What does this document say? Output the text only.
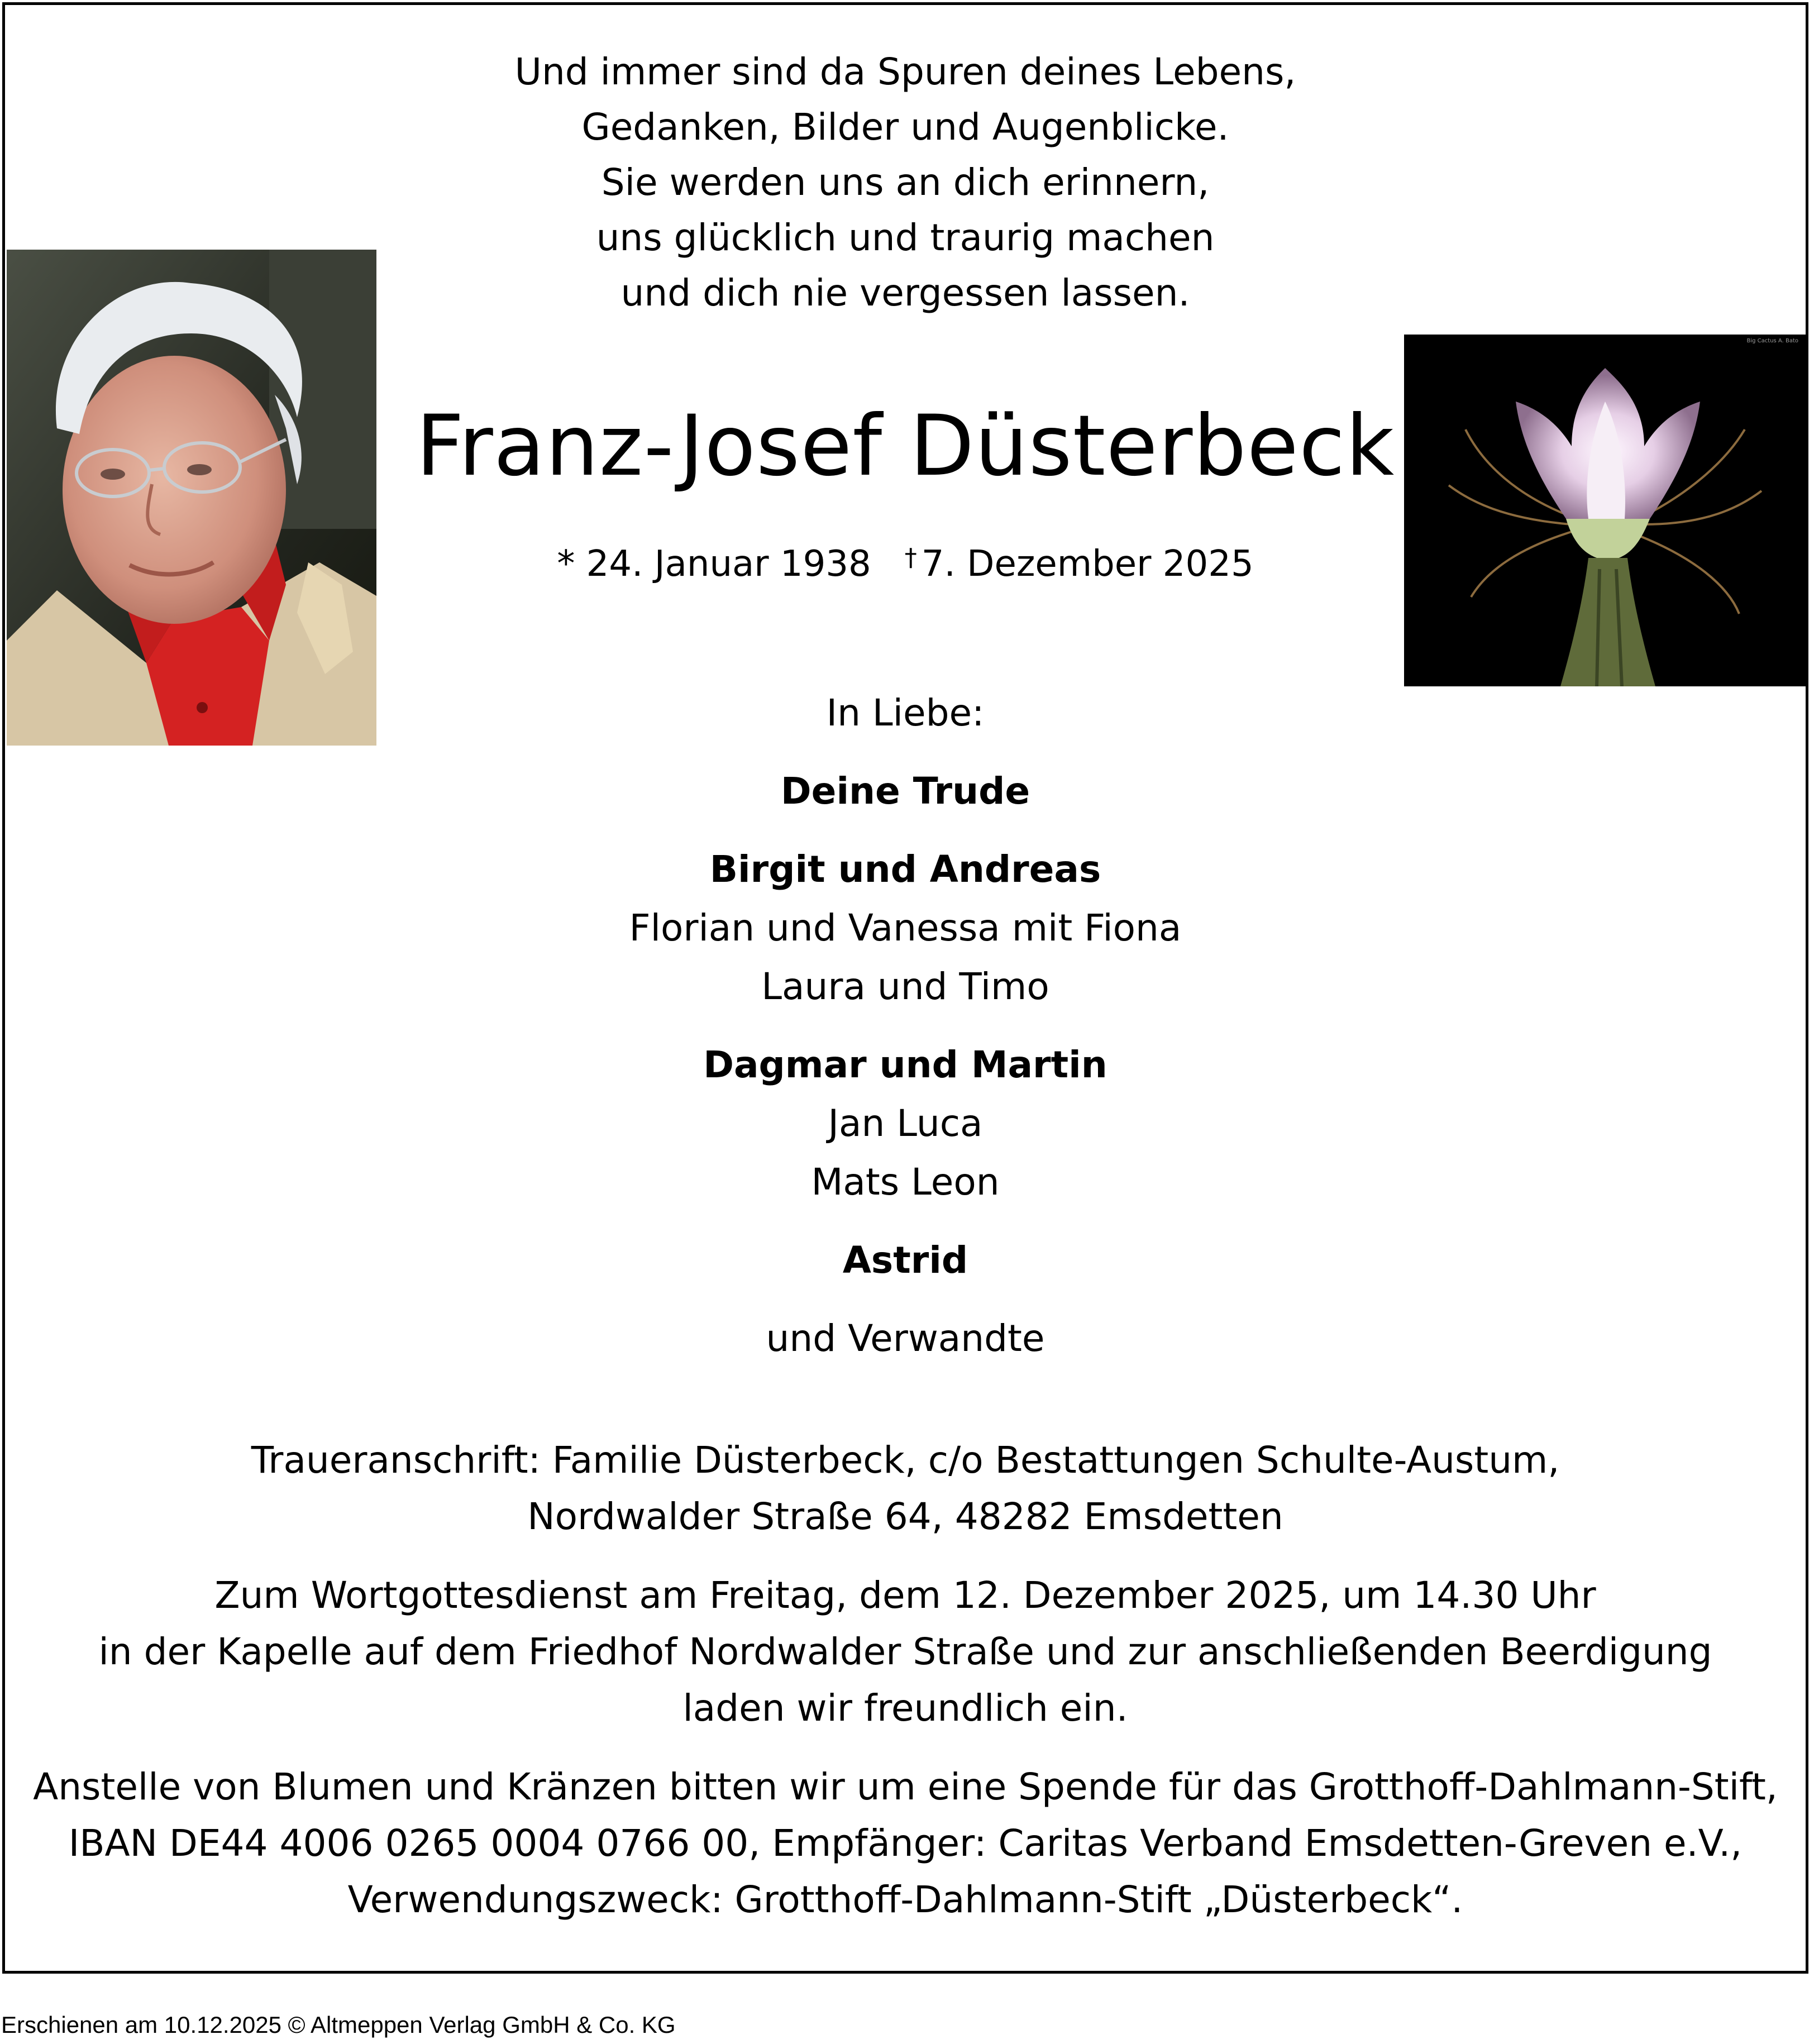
Und immer sind da Spuren deines Lebens,
Gedanken, Bilder und Augenblicke.
Sie werden uns an dich erinnern,
uns glücklich und traurig machen
und dich nie vergessen lassen.
Big Cactus A. Bato
Franz-Josef Düsterbeck
* 24. Januar 1938 † 7. Dezember 2025
In Liebe:
Deine Trude
Birgit und Andreas
Florian und Vanessa mit Fiona
Laura und Timo
Dagmar und Martin
Jan Luca
Mats Leon
Astrid
und Verwandte
Traueranschrift: Familie Düsterbeck, c/o Bestattungen Schulte-Austum,
Nordwalder Straße 64, 48282 Emsdetten
Zum Wortgottesdienst am Freitag, dem 12. Dezember 2025, um 14.30 Uhr
in der Kapelle auf dem Friedhof Nordwalder Straße und zur anschließenden Beerdigung
laden wir freundlich ein.
Anstelle von Blumen und Kränzen bitten wir um eine Spende für das Grotthoff-Dahlmann-Stift,
IBAN DE44 4006 0265 0004 0766 00, Empfänger: Caritas Verband Emsdetten-Greven e.V.,
Verwendungszweck: Grotthoff-Dahlmann-Stift „Düsterbeck“.
Erschienen am 10.12.2025 © Altmeppen Verlag GmbH & Co. KG
